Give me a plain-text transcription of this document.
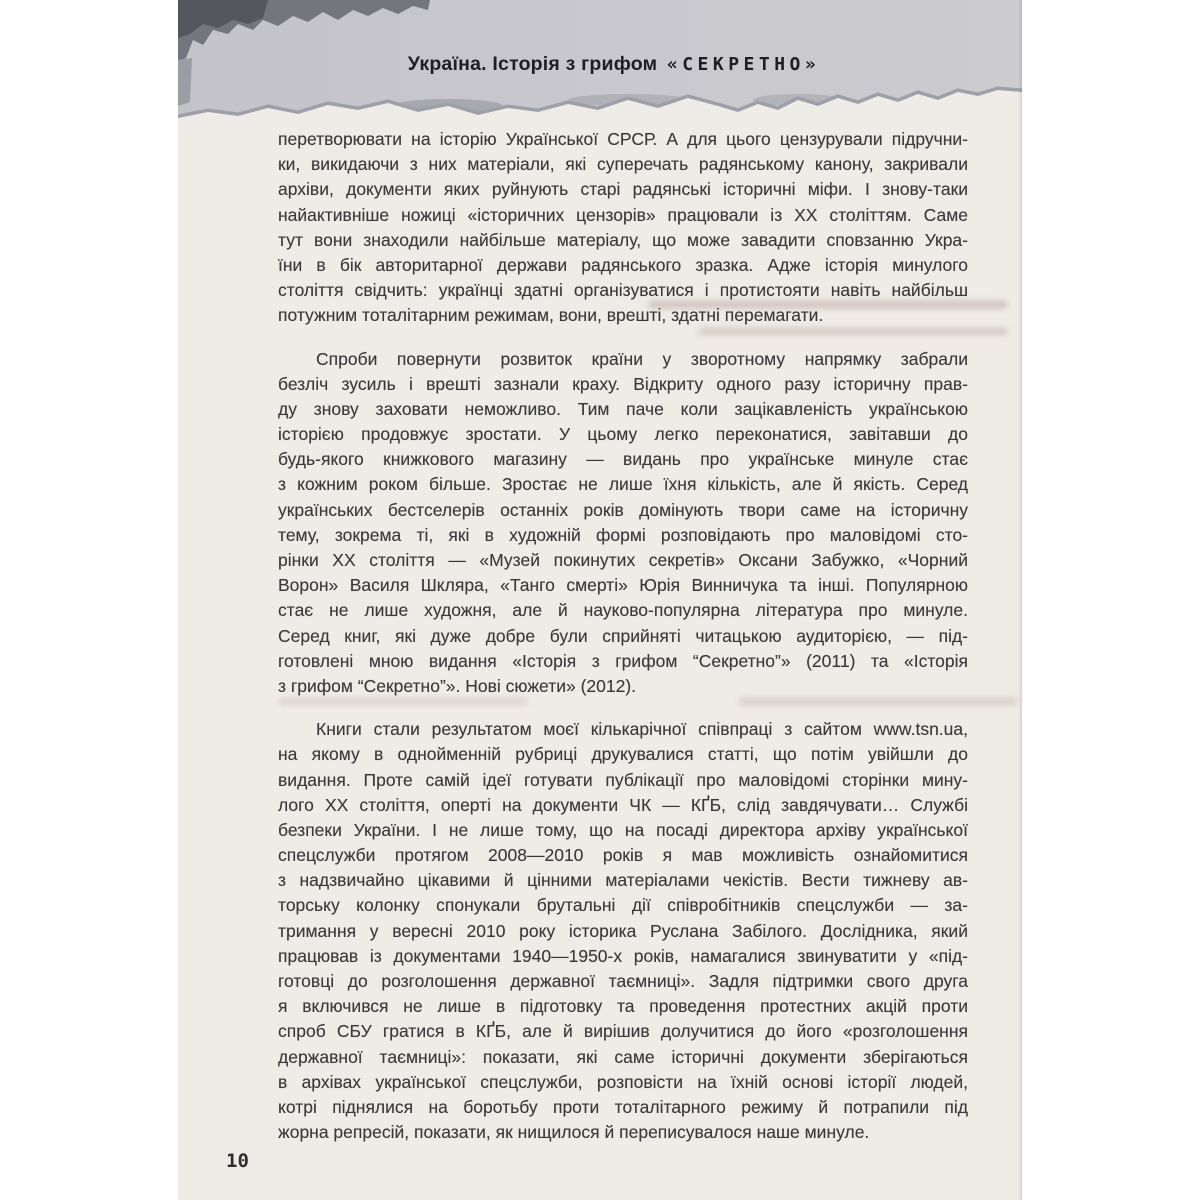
Україна. Історія з грифом «СЕКРЕТНО»
перетворювати на історію Української СРСР. А для цього цензурували підручни-
ки, викидаючи з них матеріали, які суперечать радянському канону, закривали
архіви, документи яких руйнують старі радянські історичні міфи. І знову-таки
найактивніше ножиці «історичних цензорів» працювали із ХХ століттям. Саме
тут вони знаходили найбільше матеріалу, що може завадити сповзанню Укра-
їни в бік авторитарної держави радянського зразка. Адже історія минулого
століття свідчить: українці здатні організуватися і протистояти навіть найбільш
потужним тоталітарним режимам, вони, врешті, здатні перемагати.
Спроби повернути розвиток країни у зворотному напрямку забрали
безліч зусиль і врешті зазнали краху. Відкриту одного разу історичну прав-
ду знову заховати неможливо. Тим паче коли зацікавленість українською
історією продовжує зростати. У цьому легко переконатися, завітавши до
будь-якого книжкового магазину — видань про українське минуле стає
з кожним роком більше. Зростає не лише їхня кількість, але й якість. Серед
українських бестселерів останніх років домінують твори саме на історичну
тему, зокрема ті, які в художній формі розповідають про маловідомі сто-
рінки ХХ століття — «Музей покинутих секретів» Оксани Забужко, «Чорний
Ворон» Василя Шкляра, «Танго смерті» Юрія Винничука та інші. Популярною
стає не лише художня, але й науково-популярна література про минуле.
Серед книг, які дуже добре були сприйняті читацькою аудиторією, — під-
готовлені мною видання «Історія з грифом “Секретно”» (2011) та «Історія
з грифом “Секретно”». Нові сюжети» (2012).
Книги стали результатом моєї кількарічної співпраці з сайтом www.tsn.ua,
на якому в однойменній рубриці друкувалися статті, що потім увійшли до
видання. Проте самій ідеї готувати публікації про маловідомі сторінки мину-
лого ХХ століття, оперті на документи ЧК — КҐБ, слід завдячувати… Службі
безпеки України. І не лише тому, що на посаді директора архіву української
спецслужби протягом 2008—2010 років я мав можливість ознайомитися
з надзвичайно цікавими й цінними матеріалами чекістів. Вести тижневу ав-
торську колонку спонукали брутальні дії співробітників спецслужби — за-
тримання у вересні 2010 року історика Руслана Забілого. Дослідника, який
працював із документами 1940—1950-х років, намагалися звинуватити у «під-
готовці до розголошення державної таємниці». Задля підтримки свого друга
я включився не лише в підготовку та проведення протестних акцій проти
спроб СБУ гратися в КҐБ, але й вирішив долучитися до його «розголошення
державної таємниці»: показати, які саме історичні документи зберігаються
в архівах української спецслужби, розповісти на їхній основі історії людей,
котрі піднялися на боротьбу проти тоталітарного режиму й потрапили під
жорна репресій, показати, як нищилося й переписувалося наше минуле.
10
